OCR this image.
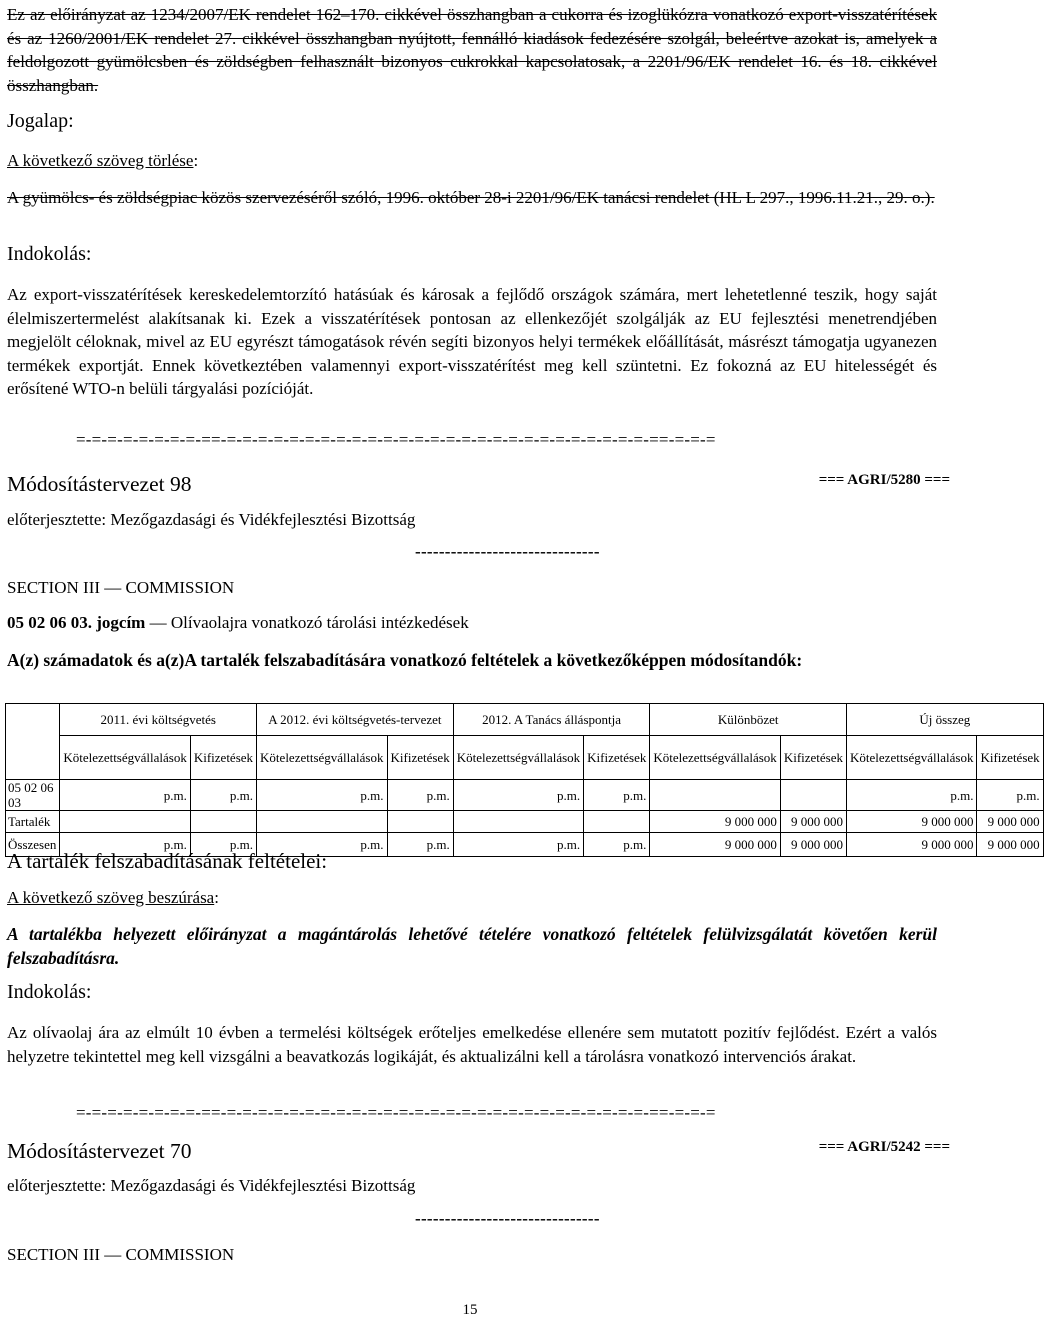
Ez az előirányzat az 1234/2007/EK rendelet 162–170. cikkével összhangban a cukorra és izoglükózra vonatkozó export-visszatérítések és az 1260/2001/EK rendelet 27. cikkével összhangban nyújtott, fennálló kiadások fedezésére szolgál, beleértve azokat is, amelyek a feldolgozott gyümölcsben és zöldségben felhasznált bizonyos cukrokkal kapcsolatosak, a 2201/96/EK rendelet 16. és 18. cikkével összhangban.

Jogalap:
A következő szöveg törlése:

A gyümölcs- és zöldségpiac közös szervezéséről szóló, 1996. október 28-i 2201/96/EK tanácsi rendelet (HL L 297., 1996.11.21., 29. o.).

Indokolás:

Az export-visszatérítések kereskedelemtorzító hatásúak és károsak a fejlődő országok számára, mert lehetetlenné teszik, hogy saját élelmiszertermelést alakítsanak ki. Ezek a visszatérítések pontosan az ellenkezőjét szolgálják az EU fejlesztési menetrendjében megjelölt céloknak, mivel az EU egyrészt támogatások révén segíti bizonyos helyi termékek előállítását, másrészt támogatja ugyanezen termékek exportját. Ennek következtében valamennyi export-visszatérítést meg kell szüntetni. Ez fokozná az EU hitelességét és erősítené WTO-n belüli tárgyalási pozícióját.

=-=-=-=-=-=-=-=-==-=-=-=-=-=-=-=-=-=-=-=-=-=-=-=-=-=-=-=-=-=-=-=-=-=-=-=-==-=-=-=
Módosítástervezet 98	=== AGRI/5280 ===
előterjesztette: Mezőgazdasági és Vidékfejlesztési Bizottság
-------------------------------
SECTION III — COMMISSION
05 02 06 03. jogcím — Olívaolajra vonatkozó tárolási intézkedések

A(z) számadatok és a(z)A tartalék felszabadítására vonatkozó feltételek a következőképpen módosítandók:

	2011. évi költségvetés		A 2012. évi költségvetés-tervezet		2012. A Tanács álláspontja		Különbözet		Új összeg	
	Kötelezettségvállalások	Kifizetések	Kötelezettségvállalások	Kifizetések	Kötelezettségvállalások	Kifizetések	Kötelezettségvállalások	Kifizetések	Kötelezettségvállalások	Kifizetések
05 02 06 03	p.m.	p.m.	p.m.	p.m.	p.m.	p.m.			p.m.	p.m.
Tartalék							9 000 000	9 000 000	9 000 000	9 000 000
Összesen	p.m.	p.m.	p.m.	p.m.	p.m.	p.m.	9 000 000	9 000 000	9 000 000	9 000 000
A tartalék felszabadításának feltételei:
A következő szöveg beszúrása:

A tartalékba helyezett előirányzat a magántárolás lehetővé tételére vonatkozó feltételek felülvizsgálatát követően kerül felszabadításra.

Indokolás:

Az olívaolaj ára az elmúlt 10 évben a termelési költségek erőteljes emelkedése ellenére sem mutatott pozitív fejlődést. Ezért a valós helyzetre tekintettel meg kell vizsgálni a beavatkozás logikáját, és aktualizálni kell a tárolásra vonatkozó intervenciós árakat.

=-=-=-=-=-=-=-=-==-=-=-=-=-=-=-=-=-=-=-=-=-=-=-=-=-=-=-=-=-=-=-=-=-=-=-=-==-=-=-=
Módosítástervezet 70	=== AGRI/5242 ===
előterjesztette: Mezőgazdasági és Vidékfejlesztési Bizottság
-------------------------------
SECTION III — COMMISSION
15
